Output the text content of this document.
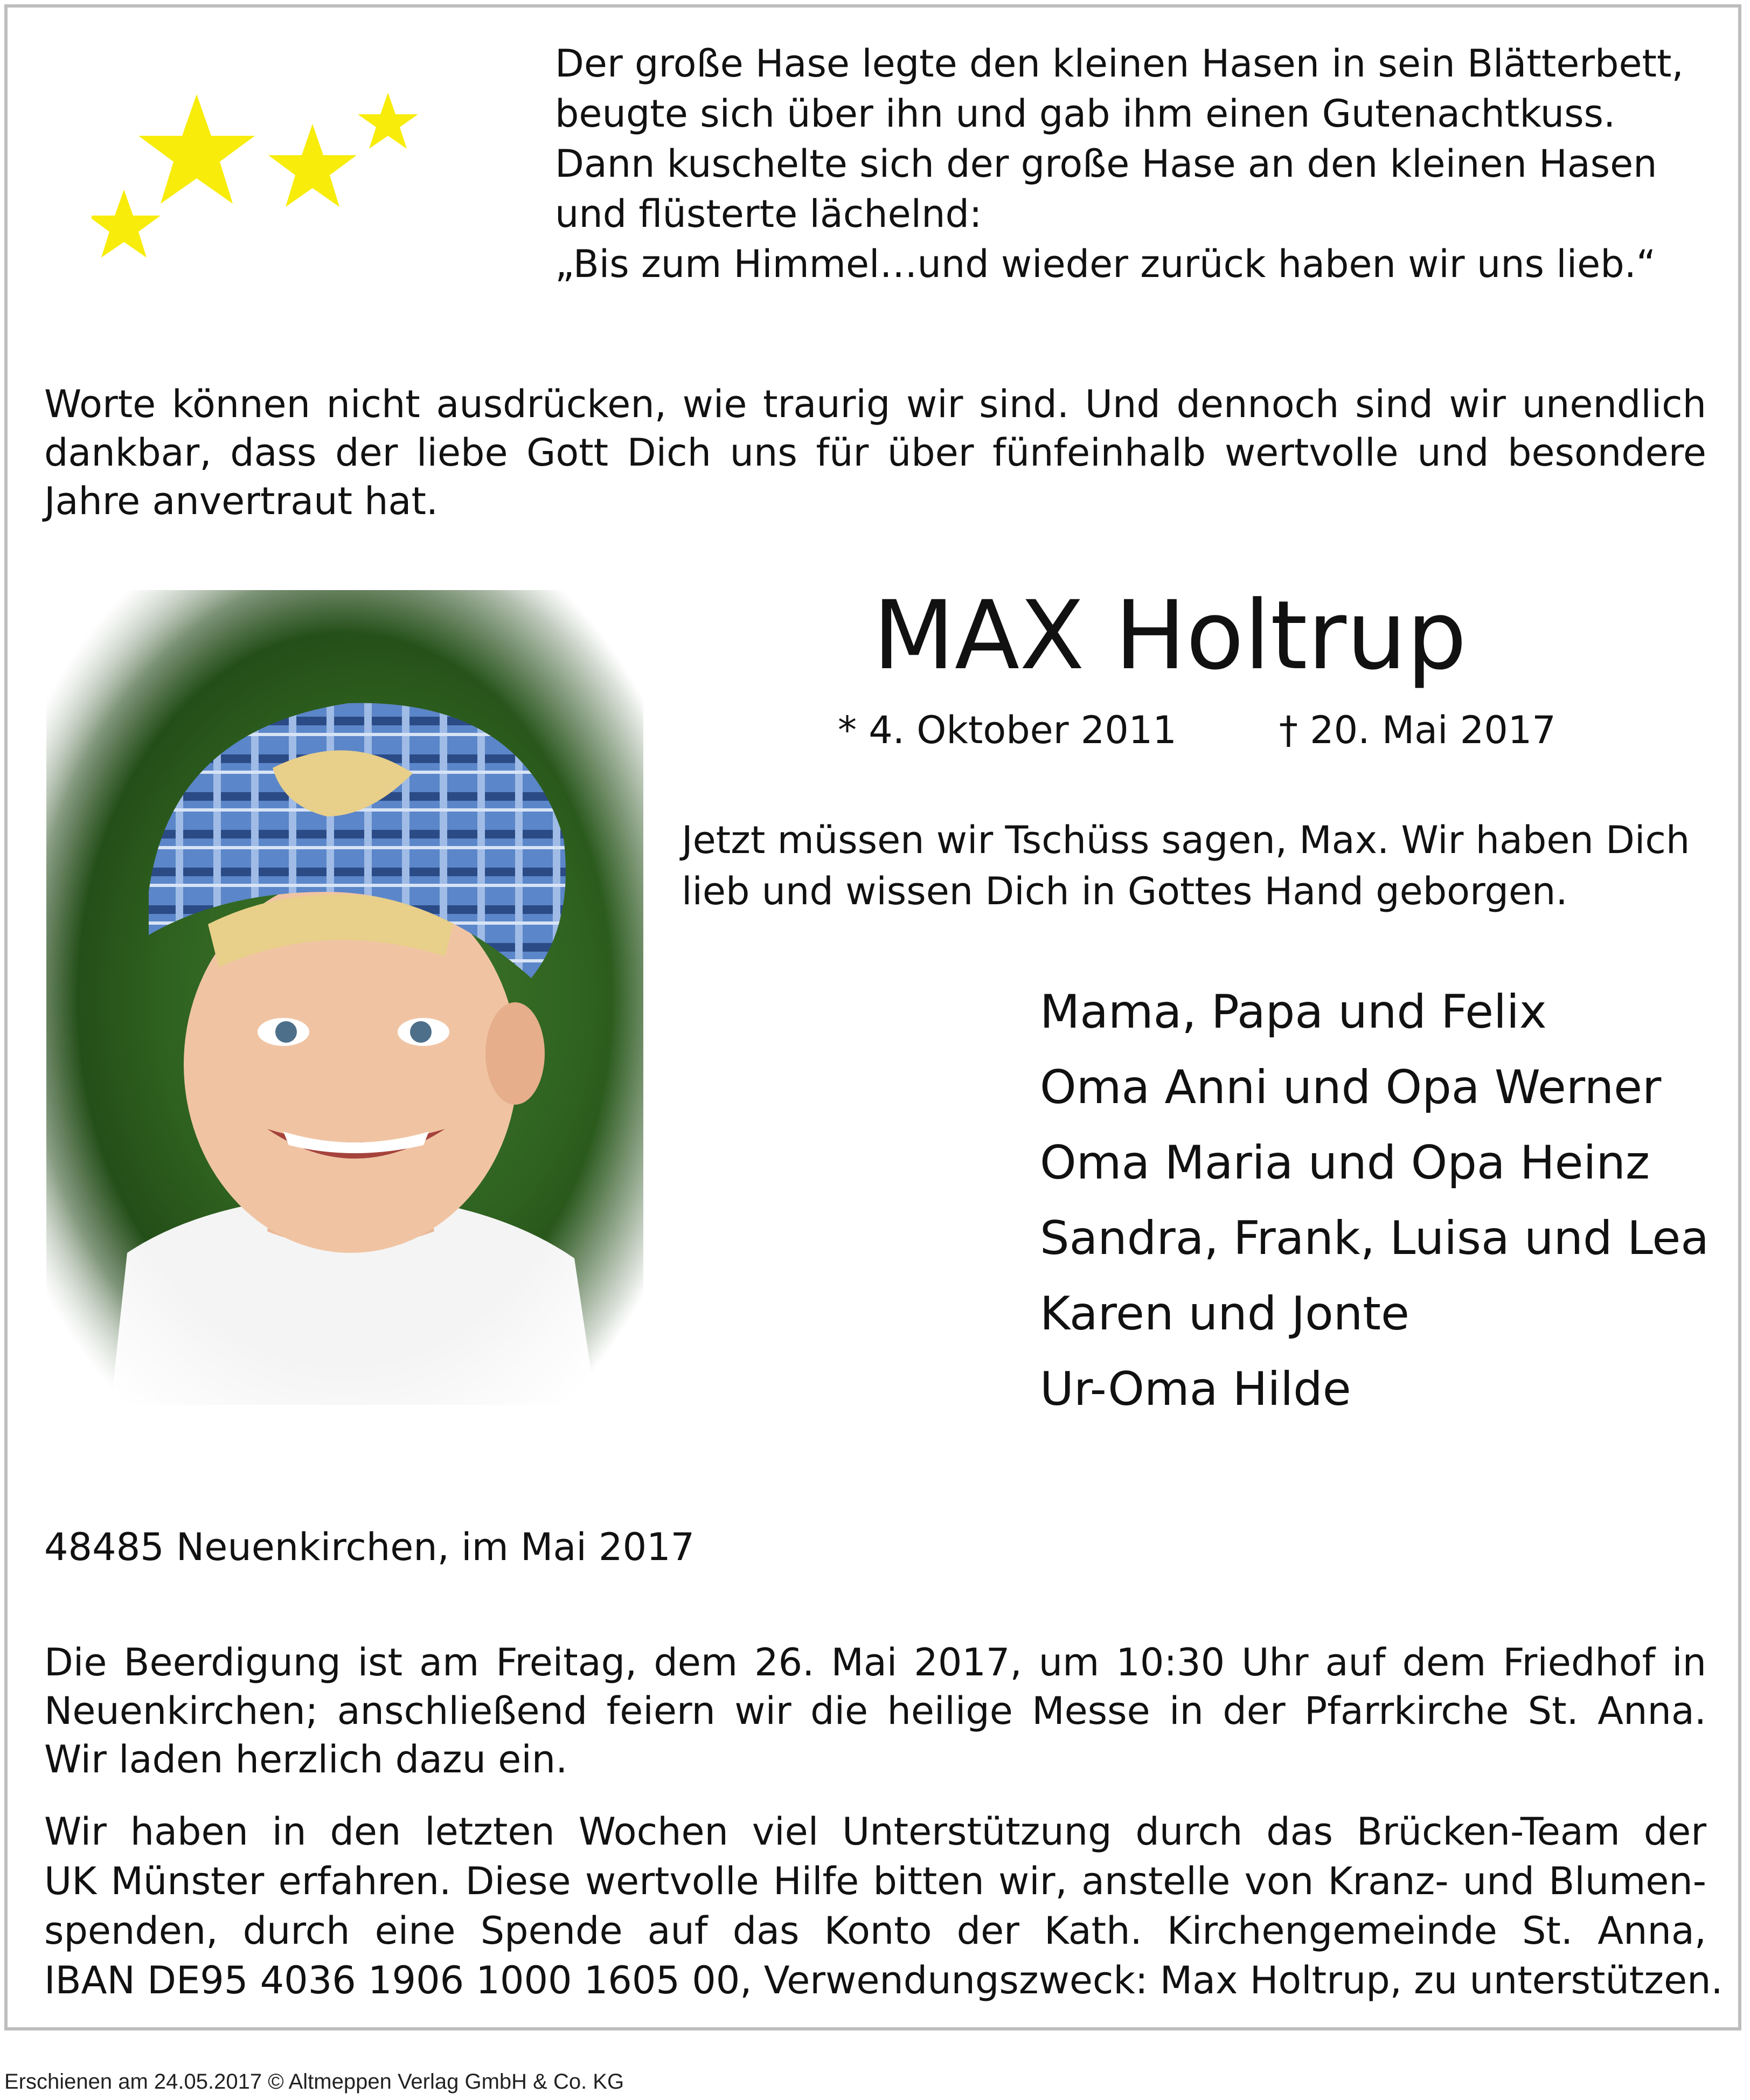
Der große Hase legte den kleinen Hasen in sein Blätterbett,
beugte sich über ihn und gab ihm einen Gutenachtkuss.
Dann kuschelte sich der große Hase an den kleinen Hasen
und flüsterte lächelnd:
„Bis zum Himmel…und wieder zurück haben wir uns lieb.“
Worte können nicht ausdrücken, wie traurig wir sind. Und dennoch sind wir unendlich
dankbar, dass der liebe Gott Dich uns für über fünfeinhalb wertvolle und besondere
Jahre anvertraut hat.
MAX Holtrup
* 4. Oktober 2011	† 20. Mai 2017
Jetzt müssen wir Tschüss sagen, Max. Wir haben Dich
lieb und wissen Dich in Gottes Hand geborgen.
Mama, Papa und Felix
Oma Anni und Opa Werner
Oma Maria und Opa Heinz
Sandra, Frank, Luisa und Lea
Karen und Jonte
Ur-Oma Hilde
48485 Neuenkirchen, im Mai 2017
Die Beerdigung ist am Freitag, dem 26. Mai 2017, um 10:30 Uhr auf dem Friedhof in
Neuenkirchen; anschließend feiern wir die heilige Messe in der Pfarrkirche St. Anna.
Wir laden herzlich dazu ein.
Wir haben in den letzten Wochen viel Unterstützung durch das Brücken-Team der
UK Münster erfahren. Diese wertvolle Hilfe bitten wir, anstelle von Kranz- und Blumen-
spenden, durch eine Spende auf das Konto der Kath. Kirchengemeinde St. Anna,
IBAN DE95 4036 1906 1000 1605 00, Verwendungszweck: Max Holtrup, zu unterstützen.
Erschienen am 24.05.2017 © Altmeppen Verlag GmbH & Co. KG
